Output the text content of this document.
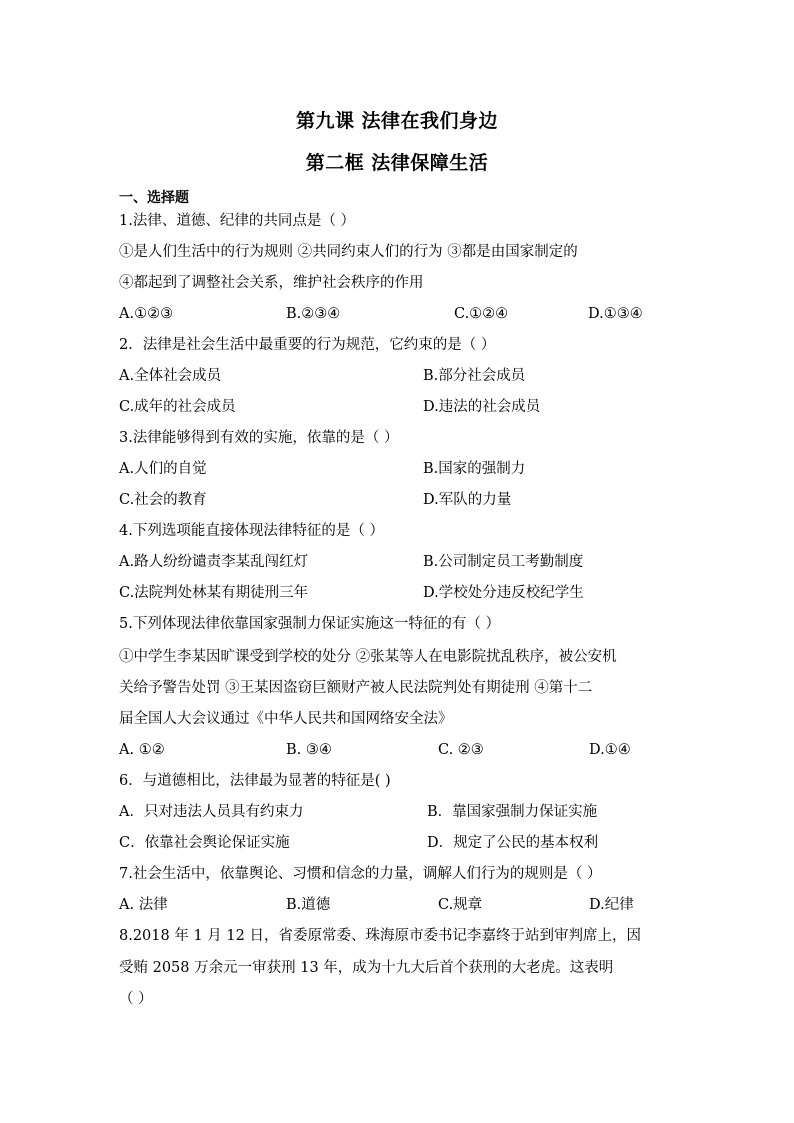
第九课 法律在我们身边
第二框 法律保障生活
一、选择题
1.法律、道德、纪律的共同点是（ ）
①是人们生活中的行为规则 ②共同约束人们的行为 ③都是由国家制定的
④都起到了调整社会关系，维护社会秩序的作用
A.①②③	B.②③④	C.①②④	D.①③④
2．法律是社会生活中最重要的行为规范，它约束的是（ ）
A.全体社会成员	B.部分社会成员
C.成年的社会成员	D.违法的社会成员
3.法律能够得到有效的实施，依靠的是（ ）
A.人们的自觉	B.国家的强制力
C.社会的教育	D.军队的力量
4.下列选项能直接体现法律特征的是（ ）
A.路人纷纷谴责李某乱闯红灯	B.公司制定员工考勤制度
C.法院判处林某有期徒刑三年	D.学校处分违反校纪学生
5.下列体现法律依靠国家强制力保证实施这一特征的有（ ）
①中学生李某因旷课受到学校的处分 ②张某等人在电影院扰乱秩序，被公安机
关给予警告处罚 ③王某因盗窃巨额财产被人民法院判处有期徒刑 ④第十二
届全国人大会议通过《中华人民共和国网络安全法》
A. ①②	B. ③④	C. ②③	D.①④
6．与道德相比，法律最为显著的特征是( )
A．只对违法人员具有约束力	B．靠国家强制力保证实施
C．依靠社会舆论保证实施	D．规定了公民的基本权利
7.社会生活中，依靠舆论、习惯和信念的力量，调解人们行为的规则是（ ）
A. 法律	B.道德	C.规章	D.纪律
8.2018 年 1 月 12 日，省委原常委、珠海原市委书记李嘉终于站到审判席上，因
受贿 2058 万余元一审获刑 13 年，成为十九大后首个获刑的大老虎。这表明
（ ）
